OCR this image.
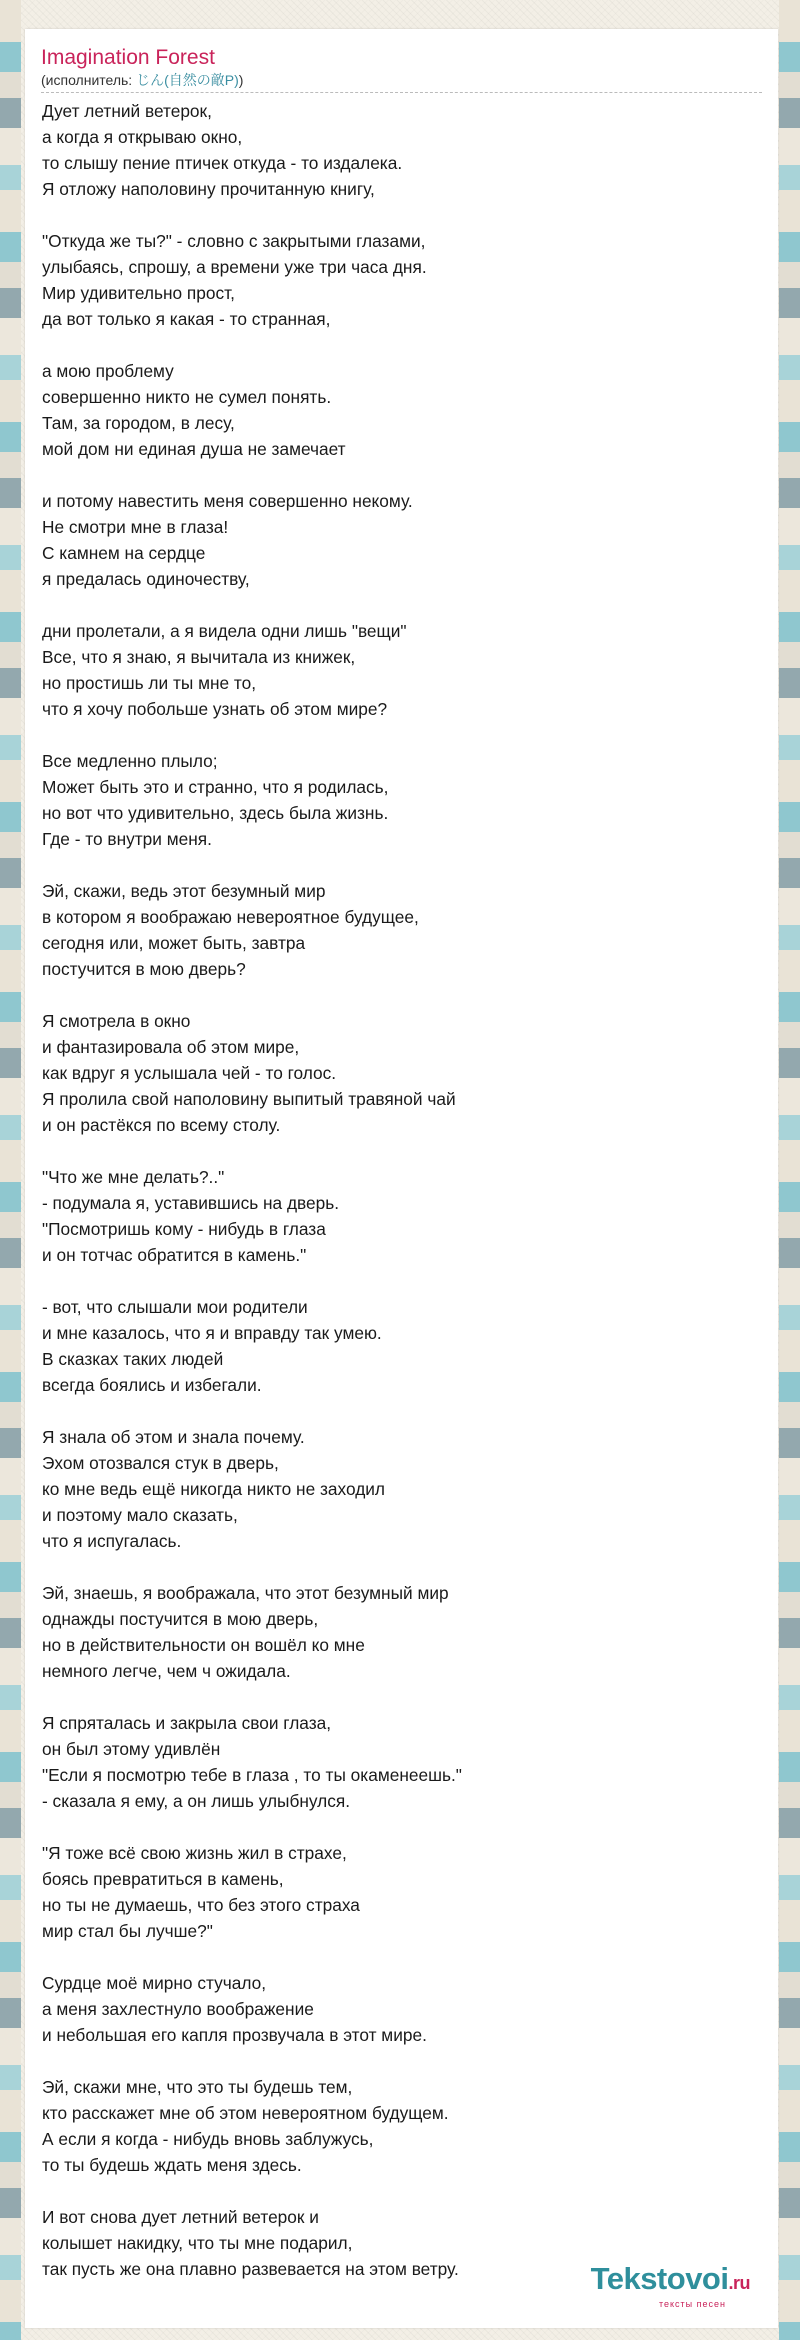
Imagination Forest
(исполнитель: じん(自然の敵P))
Дует летний ветерок,
а когда я открываю окно,
то слышу пение птичек откуда - то издалека.
Я отложу наполовину прочитанную книгу,
"Откуда же ты?" - словно с закрытыми глазами,
улыбаясь, спрошу, а времени уже три часа дня.
Мир удивительно прост,
да вот только я какая - то странная,
а мою проблему
совершенно никто не сумел понять.
Там, за городом, в лесу,
мой дом ни единая душа не замечает
и потому навестить меня совершенно некому.
Не смотри мне в глаза!
С камнем на сердце
я предалась одиночеству,
дни пролетали, а я видела одни лишь "вещи"
Все, что я знаю, я вычитала из книжек,
но простишь ли ты мне то,
что я хочу побольше узнать об этом мире?
Все медленно плыло;
Может быть это и странно, что я родилась,
но вот что удивительно, здесь была жизнь.
Где - то внутри меня.
Эй, скажи, ведь этот безумный мир
в котором я воображаю невероятное будущее,
сегодня или, может быть, завтра
постучится в мою дверь?
Я смотрела в окно
и фантазировала об этом мире,
как вдруг я услышала чей - то голос.
Я пролила свой наполовину выпитый травяной чай
и он растёкся по всему столу.
"Что же мне делать?.."
- подумала я, уставившись на дверь.
"Посмотришь кому - нибудь в глаза
и он тотчас обратится в камень."
- вот, что слышали мои родители
и мне казалось, что я и вправду так умею.
В сказках таких людей
всегда боялись и избегали.
Я знала об этом и знала почему.
Эхом отозвался стук в дверь,
ко мне ведь ещё никогда никто не заходил
и поэтому мало сказать,
что я испугалась.
Эй, знаешь, я воображала, что этот безумный мир
однажды постучится в мою дверь,
но в действительности он вошёл ко мне
немного легче, чем ч ожидала.
Я спряталась и закрыла свои глаза,
он был этому удивлён
"Если я посмотрю тебе в глаза , то ты окаменеешь."
- сказала я ему, а он лишь улыбнулся.
"Я тоже всё свою жизнь жил в страхе,
боясь превратиться в камень,
но ты не думаешь, что без этого страха
мир стал бы лучше?"
Сурдце моё мирно стучало,
а меня захлестнуло воображение
и небольшая его капля прозвучала в этот мире.
Эй, скажи мне, что это ты будешь тем,
кто расскажет мне об этом невероятном будущем.
А если я когда - нибудь вновь заблужусь,
то ты будешь ждать меня здесь.
И вот снова дует летний ветерок и
колышет накидку, что ты мне подарил,
так пусть же она плавно развевается на этом ветру.	Tekstovoi.ru
тексты песен
